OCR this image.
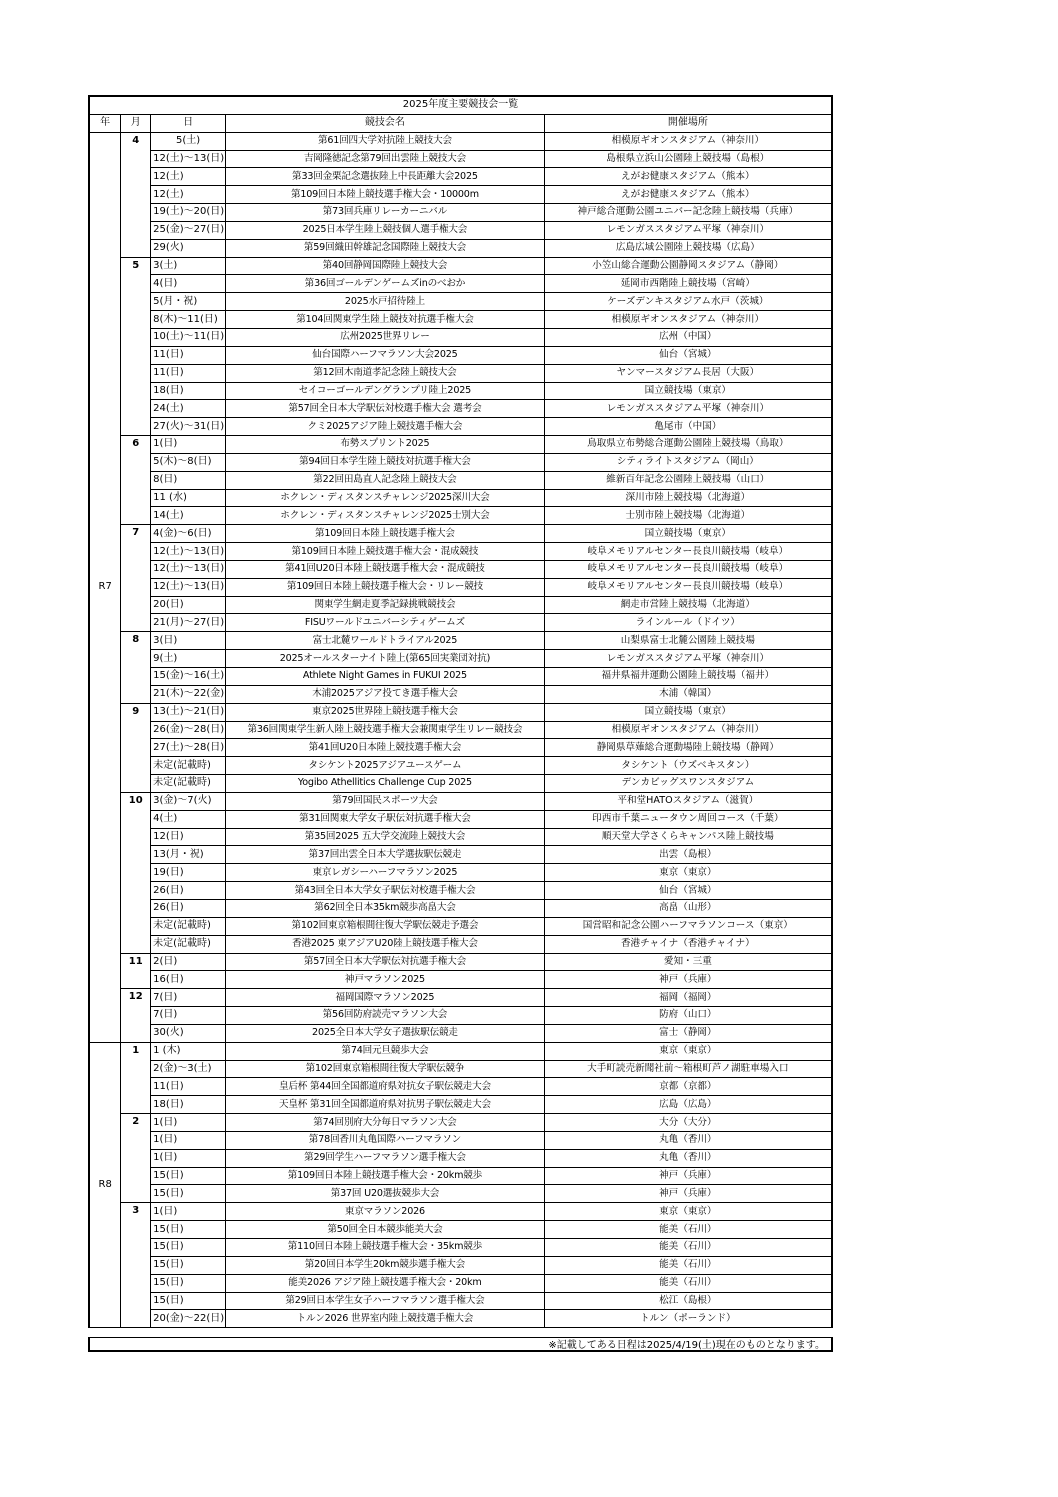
2025年度主要競技会一覧				
年	月	日	競技会名	開催場所
R7	4	5(土)	第61回四大学対抗陸上競技大会	相模原ギオンスタジアム（神奈川）
		12(土)～13(日)	吉岡隆徳記念第79回出雲陸上競技大会	島根県立浜山公園陸上競技場（島根）
		12(土)	第33回金栗記念選抜陸上中長距離大会2025	えがお健康スタジアム（熊本）
		12(土)	第109回日本陸上競技選手権大会・10000m	えがお健康スタジアム（熊本）
		19(土)～20(日)	第73回兵庫リレーカーニバル	神戸総合運動公園ユニバー記念陸上競技場（兵庫）
		25(金)～27(日)	2025日本学生陸上競技個人選手権大会	レモンガススタジアム平塚（神奈川）
		29(火)	第59回織田幹雄記念国際陸上競技大会	広島広域公園陸上競技場（広島）
	5	3(土)	第40回静岡国際陸上競技大会	小笠山総合運動公園静岡スタジアム（静岡）
		4(日)	第36回ゴールデンゲームズinのべおか	延岡市西階陸上競技場（宮崎）
		5(月・祝)	2025水戸招待陸上	ケーズデンキスタジアム水戸（茨城）
		8(木)～11(日)	第104回関東学生陸上競技対抗選手権大会	相模原ギオンスタジアム（神奈川）
		10(土)～11(日)	広州2025世界リレー	広州（中国）
		11(日)	仙台国際ハーフマラソン大会2025	仙台（宮城）
		11(日)	第12回木南道孝記念陸上競技大会	ヤンマースタジアム長居（大阪）
		18(日)	セイコーゴールデングランプリ陸上2025	国立競技場（東京）
		24(土)	第57回全日本大学駅伝対校選手権大会 選考会	レモンガススタジアム平塚（神奈川）
		27(火)～31(日)	クミ2025アジア陸上競技選手権大会	亀尾市（中国）
	6	1(日)	布勢スプリント2025	鳥取県立布勢総合運動公園陸上競技場（鳥取）
		5(木)～8(日)	第94回日本学生陸上競技対抗選手権大会	シティライトスタジアム（岡山）
		8(日)	第22回田島直人記念陸上競技大会	維新百年記念公園陸上競技場（山口）
		11 (水)	ホクレン・ディスタンスチャレンジ2025深川大会	深川市陸上競技場（北海道）
		14(土)	ホクレン・ディスタンスチャレンジ2025士別大会	士別市陸上競技場（北海道）
	7	4(金)～6(日)	第109回日本陸上競技選手権大会	国立競技場（東京）
		12(土)～13(日)	第109回日本陸上競技選手権大会・混成競技	岐阜メモリアルセンター長良川競技場（岐阜）
		12(土)～13(日)	第41回U20日本陸上競技選手権大会・混成競技	岐阜メモリアルセンター長良川競技場（岐阜）
		12(土)～13(日)	第109回日本陸上競技選手権大会・リレー競技	岐阜メモリアルセンター長良川競技場（岐阜）
		20(日)	関東学生網走夏季記録挑戦競技会	網走市営陸上競技場（北海道）
		21(月)～27(日)	FISUワールドユニバーシティゲームズ	ラインルール（ドイツ）
	8	3(日)	富士北麓ワールドトライアル2025	山梨県富士北麓公園陸上競技場
		9(土)	2025オールスターナイト陸上(第65回実業団対抗)	レモンガススタジアム平塚（神奈川）
		15(金)～16(土)	Athlete Night Games in FUKUI 2025	福井県福井運動公園陸上競技場（福井）
		21(木)～22(金)	木浦2025アジア投てき選手権大会	木浦（韓国）
	9	13(土)～21(日)	東京2025世界陸上競技選手権大会	国立競技場（東京）
		26(金)～28(日)	第36回関東学生新人陸上競技選手権大会兼関東学生リレー競技会	相模原ギオンスタジアム（神奈川）
		27(土)～28(日)	第41回U20日本陸上競技選手権大会	静岡県草薙総合運動場陸上競技場（静岡）
		未定(記載時)	タシケント2025アジアユースゲーム	タシケント（ウズベキスタン）
		未定(記載時)	Yogibo Athellitics Challenge Cup 2025	デンカビッグスワンスタジアム
	10	3(金)～7(火)	第79回国民スポーツ大会	平和堂HATOスタジアム（滋賀）
		4(土)	第31回関東大学女子駅伝対抗選手権大会	印西市千葉ニュータウン周回コース（千葉）
		12(日)	第35回2025 五大学交流陸上競技大会	順天堂大学さくらキャンパス陸上競技場
		13(月・祝)	第37回出雲全日本大学選抜駅伝競走	出雲（島根）
		19(日)	東京レガシーハーフマラソン2025	東京（東京）
		26(日)	第43回全日本大学女子駅伝対校選手権大会	仙台（宮城）
		26(日)	第62回全日本35km競歩高畠大会	高畠（山形）
		未定(記載時)	第102回東京箱根間往復大学駅伝競走予選会	国営昭和記念公園ハーフマラソンコース（東京）
		未定(記載時)	香港2025 東アジアU20陸上競技選手権大会	香港チャイナ（香港チャイナ）
	11	2(日)	第57回全日本大学駅伝対抗選手権大会	愛知・三重
		16(日)	神戸マラソン2025	神戸（兵庫）
	12	7(日)	福岡国際マラソン2025	福岡（福岡）
		7(日)	第56回防府読売マラソン大会	防府（山口）
		30(火)	2025全日本大学女子選抜駅伝競走	富士（静岡）
R8	1	1 (木)	第74回元旦競歩大会	東京（東京）
		2(金)～3(土)	第102回東京箱根間往復大学駅伝競争	大手町読売新聞社前～箱根町芦ノ湖駐車場入口
		11(日)	皇后杯 第44回全国都道府県対抗女子駅伝競走大会	京都（京都）
		18(日)	天皇杯 第31回全国都道府県対抗男子駅伝競走大会	広島（広島）
	2	1(日)	第74回別府大分毎日マラソン大会	大分（大分）
		1(日)	第78回香川丸亀国際ハーフマラソン	丸亀（香川）
		1(日)	第29回学生ハーフマラソン選手権大会	丸亀（香川）
		15(日)	第109回日本陸上競技選手権大会・20km競歩	神戸（兵庫）
		15(日)	第37回 U20選抜競歩大会	神戸（兵庫）
	3	1(日)	東京マラソン2026	東京（東京）
		15(日)	第50回全日本競歩能美大会	能美（石川）
		15(日)	第110回日本陸上競技選手権大会・35km競歩	能美（石川）
		15(日)	第20回日本学生20km競歩選手権大会	能美（石川）
		15(日)	能美2026 アジア陸上競技選手権大会・20km	能美（石川）
		15(日)	第29回日本学生女子ハーフマラソン選手権大会	松江（島根）
		20(金)～22(日)	トルン2026 世界室内陸上競技選手権大会	トルン（ポーランド）
※記載してある日程は2025/4/19(土)現在のものとなります。
